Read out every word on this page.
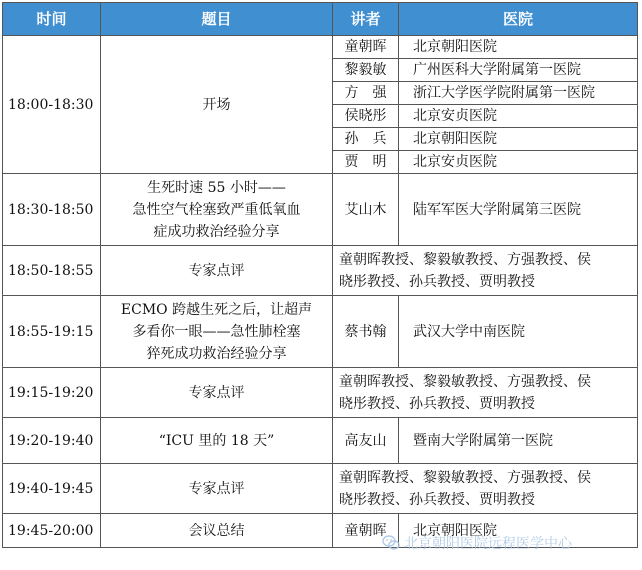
时间	题目	讲者	医院
18:00-18:30	开场	童朝晖	北京朝阳医院
		黎毅敏	广州医科大学附属第一医院
		方　强	浙江大学医学院附属第一医院
		侯晓彤	北京安贞医院
		孙　兵	北京朝阳医院
		贾　明	北京安贞医院
18:30-18:50	生死时速 55 小时——
急性空气栓塞致严重低氧血
症成功救治经验分享	艾山木	陆军军医大学附属第三医院
18:50-18:55	专家点评	童朝晖教授、黎毅敏教授、方强教授、侯
晓彤教授、孙兵教授、贾明教授	

18:55-19:15	ECMO 跨越生死之后，让超声
多看你一眼——急性肺栓塞
猝死成功救治经验分享	蔡书翰	武汉大学中南医院
19:15-19:20	专家点评	童朝晖教授、黎毅敏教授、方强教授、侯
晓彤教授、孙兵教授、贾明教授	

19:20-19:40	“ICU 里的 18 天”	高友山	暨南大学附属第一医院
19:40-19:45	专家点评	童朝晖教授、黎毅敏教授、方强教授、侯
晓彤教授、孙兵教授、贾明教授	

19:45-20:00	会议总结	童朝晖	北京朝阳医院
北京朝阳医院远程医学中心
